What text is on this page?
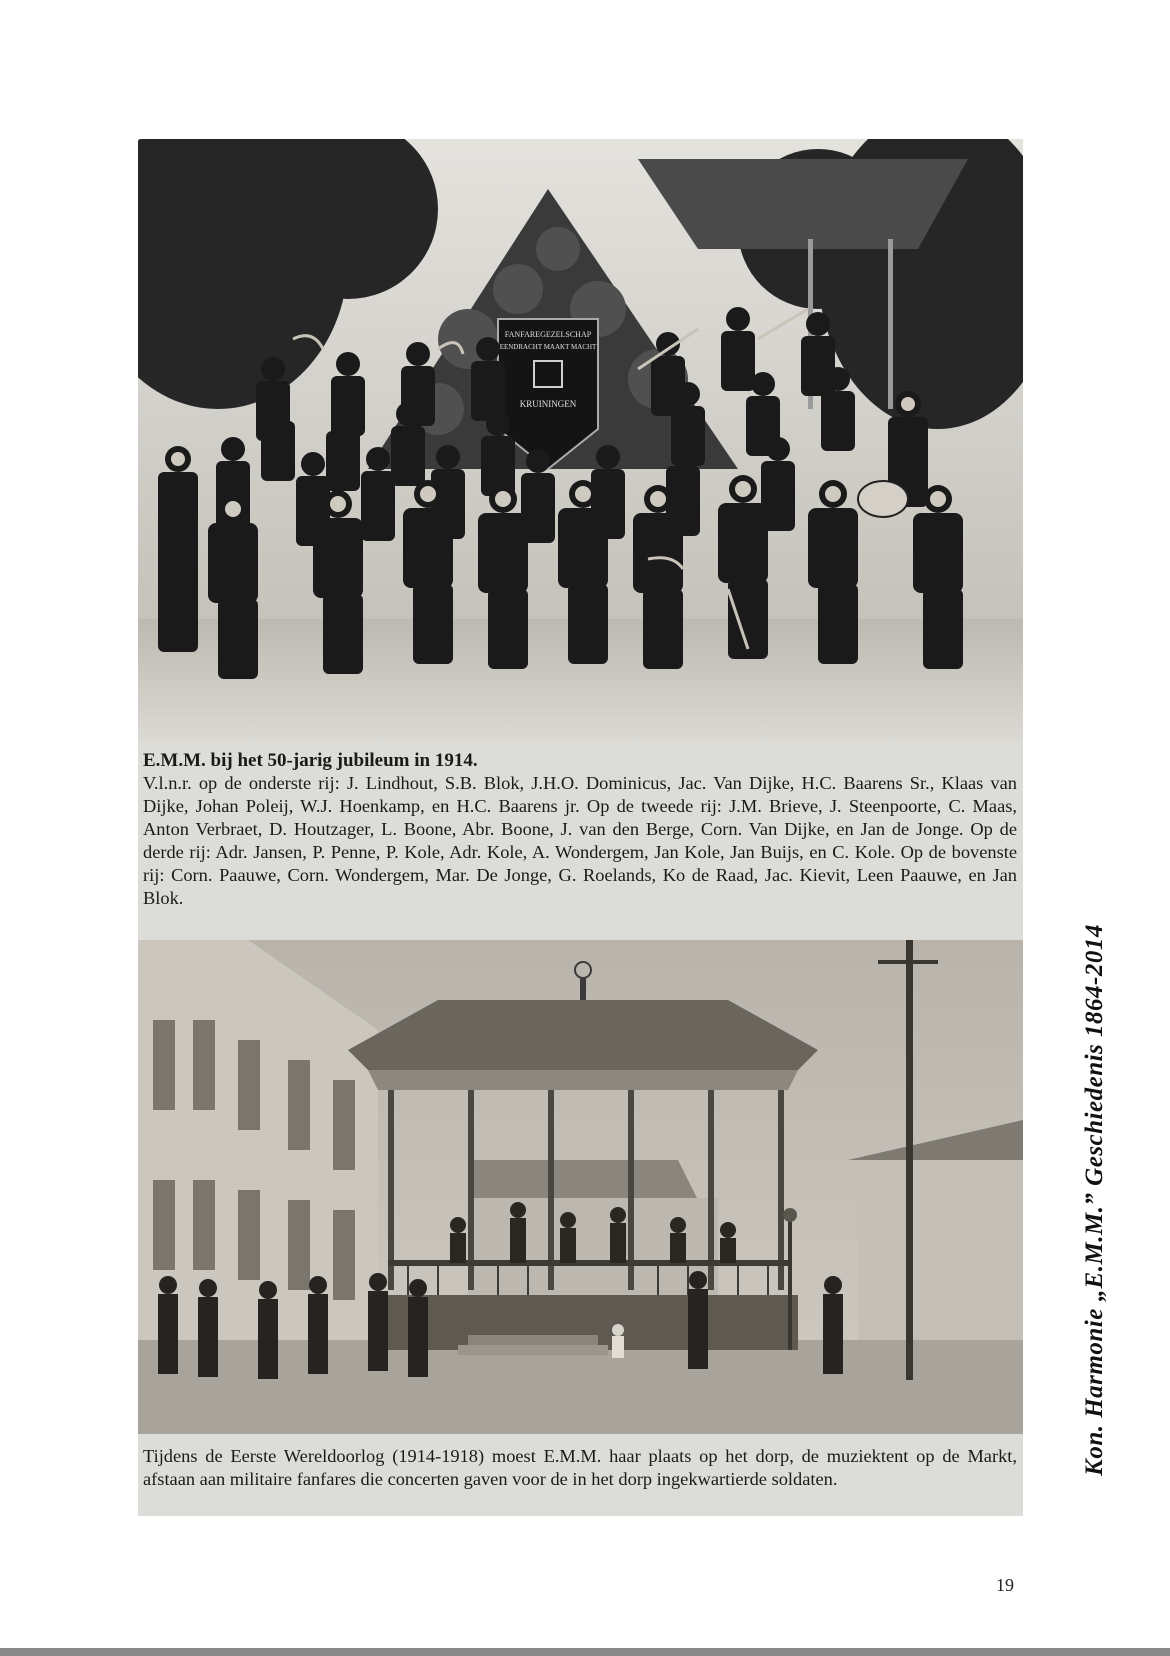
FANFAREGEZELSCHAP
EENDRACHT MAAKT MACHT
KRUININGEN
E.M.M. bij het 50-jarig jubileum in 1914.
V.l.n.r. op de onderste rij: J. Lindhout, S.B. Blok, J.H.O. Dominicus, Jac. Van Dijke, H.C. Baarens Sr., Klaas van Dijke, Johan Poleij, W.J. Hoenkamp, en H.C. Baarens jr. Op de tweede rij: J.M. Brieve, J. Steenpoorte, C. Maas, Anton Verbraet, D. Houtzager, L. Boone, Abr. Boone, J. van den Berge, Corn. Van Dijke, en Jan de Jonge. Op de derde rij: Adr. Jansen, P. Penne, P. Kole, Adr. Kole, A. Wondergem, Jan Kole, Jan Buijs, en C. Kole. Op de bovenste rij: Corn. Paauwe, Corn. Wondergem, Mar. De Jonge, G. Roelands, Ko de Raad, Jac. Kievit, Leen Paauwe, en Jan Blok.
Tijdens de Eerste Wereldoorlog (1914-1918) moest E.M.M. haar plaats op het dorp, de muziektent op de Markt, afstaan aan militaire fanfares die concerten gaven voor de in het dorp ingekwartierde soldaten.
Kon. Harmonie „E.M.M.” Geschiedenis 1864-2014
19
